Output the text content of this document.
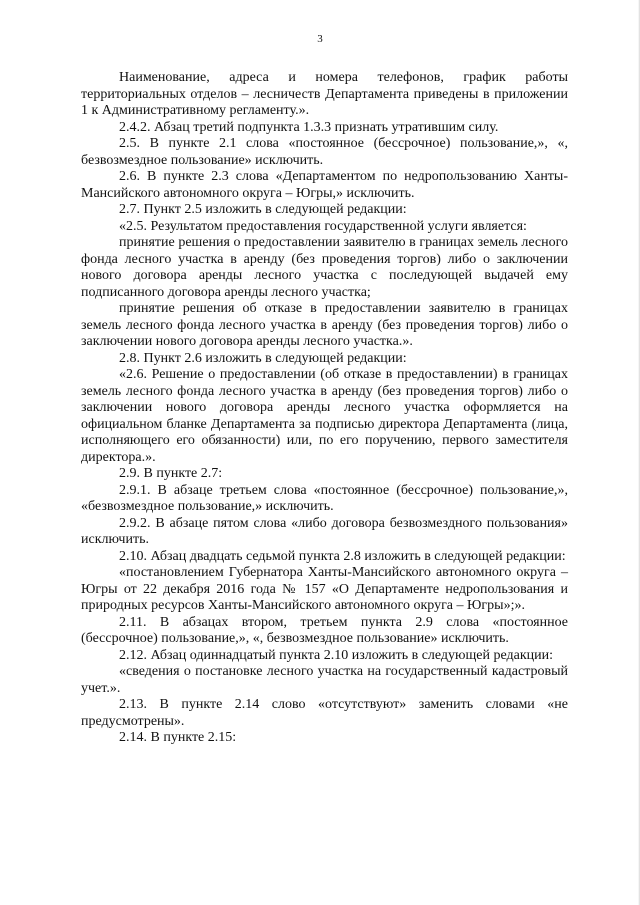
3

Наименование, адреса и номера телефонов, график работы территориальных отделов – лесничеств Департамента приведены в приложении 1 к Административному регламенту.».

2.4.2. Абзац третий подпункта 1.3.3 признать утратившим силу.

2.5. В пункте 2.1 слова «постоянное (бессрочное) пользование,», «, безвозмездное пользование» исключить.

2.6. В пункте 2.3 слова «Департаментом по недропользованию Ханты-Мансийского автономного округа – Югры,» исключить.

2.7. Пункт 2.5 изложить в следующей редакции:

«2.5. Результатом предоставления государственной услуги является:

принятие решения о предоставлении заявителю в границах земель лесного фонда лесного участка в аренду (без проведения торгов) либо о заключении нового договора аренды лесного участка с последующей выдачей ему подписанного договора аренды лесного участка;

принятие решения об отказе в предоставлении заявителю в границах земель лесного фонда лесного участка в аренду (без проведения торгов) либо о заключении нового договора аренды лесного участка.».

2.8. Пункт 2.6 изложить в следующей редакции:

«2.6. Решение о предоставлении (об отказе в предоставлении) в границах земель лесного фонда лесного участка в аренду (без проведения торгов) либо о заключении нового договора аренды лесного участка оформляется на официальном бланке Департамента за подписью директора Департамента (лица, исполняющего его обязанности) или, по его поручению, первого заместителя директора.».

2.9. В пункте 2.7:

2.9.1. В абзаце третьем слова «постоянное (бессрочное) пользование,», «безвозмездное пользование,» исключить.

2.9.2. В абзаце пятом слова «либо договора безвозмездного пользования» исключить.

2.10. Абзац двадцать седьмой пункта 2.8 изложить в следующей редакции:

«постановлением Губернатора Ханты-Мансийского автономного округа – Югры от 22 декабря 2016 года № 157 «О Департаменте недропользования и природных ресурсов Ханты-Мансийского автономного округа – Югры»;».

2.11. В абзацах втором, третьем пункта 2.9 слова «постоянное (бессрочное) пользование,», «, безвозмездное пользование» исключить.

2.12. Абзац одиннадцатый пункта 2.10 изложить в следующей редакции:

«сведения о постановке лесного участка на государственный кадастровый учет.».

2.13. В пункте 2.14 слово «отсутствуют» заменить словами «не предусмотрены».

2.14. В пункте 2.15:
